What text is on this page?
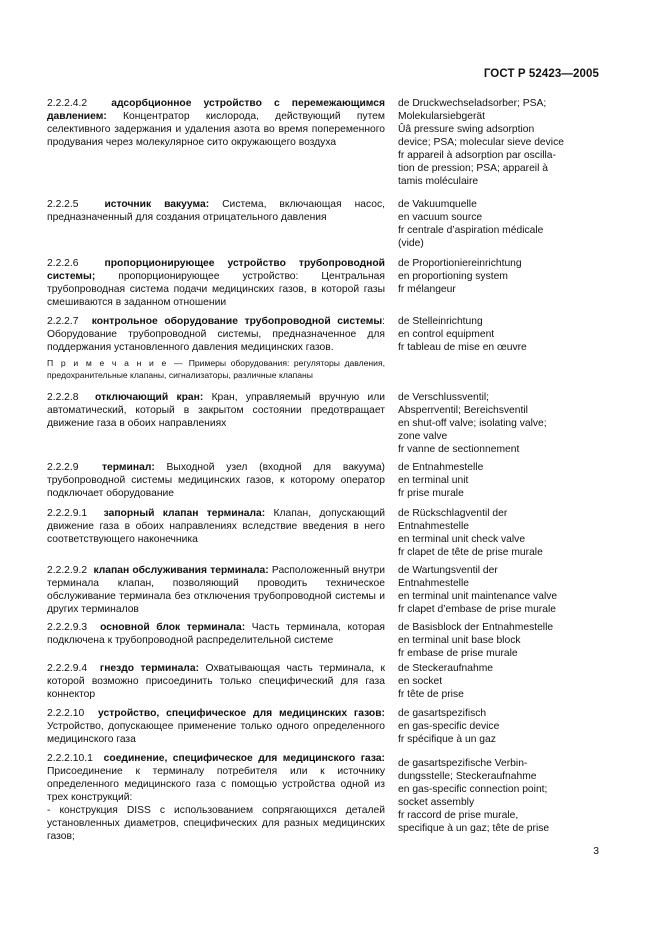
ГОСТ Р 52423—2005

2.2.2.4.2 адсорбционное устройство с перемежающимся давлением: Концентратор кислорода, действующий путем селективного задержания и удаления азота во время попеременного продувания через молекулярное сито окружающего воздуха

de Druckwechseladsorber; PSA;
Molekularsiebgerät
Ûâ pressure swing adsorption
device; PSA; molecular sieve device
fr appareil à adsorption par oscilla-
tion de pression; PSA; appareil à
tamis moléculaire

2.2.2.5	источник вакуума: Система, включающая насос, предназначенный для создания отрицательного давления

de Vakuumquelle
en vacuum source
fr centrale d’aspiration médicale
(vide)

2.2.2.6	пропорционирующее устройство трубопроводной системы; пропорционирующее устройство: Центральная трубопроводная система подачи медицинских газов, в которой газы смешиваются в заданном отношении

de Proportioniereinrichtung
en proportioning system
fr mélangeur

2.2.2.7 контрольное оборудование трубопроводной системы: Оборудование трубопроводной системы, предназначенное для поддержания установленного давления медицинских газов.

П р и м е ч а н и е — Примеры оборудования: регуляторы давления, предохранительные клапаны, сигнализаторы, различные клапаны

de Stelleinrichtung
en control equipment
fr tableau de mise en œuvre

2.2.2.8 отключающий кран: Кран, управляемый вручную или автоматический, который в закрытом состоянии предотвращает движение газа в обоих направлениях

de Verschlussventil;
Absperrventil; Bereichsventil
en shut-off valve; isolating valve;
zone valve
fr vanne de sectionnement

2.2.2.9 терминал: Выходной узел (входной для вакуума) трубопроводной системы медицинских газов, к которому оператор подключает оборудование

de Entnahmestelle
en terminal unit
fr prise murale

2.2.2.9.1 запорный клапан терминала: Клапан, допускающий движение газа в обоих направлениях вследствие введения в него соответствующего наконечника

de Rückschlagventil der
Entnahmestelle
en terminal unit check valve
fr clapet de tête de prise murale

2.2.2.9.2 клапан обслуживания терминала: Расположенный внутри терминала клапан, позволяющий проводить техническое обслуживание терминала без отключения трубопроводной системы и других терминалов

de Wartungsventil der
Entnahmestelle
en terminal unit maintenance valve
fr clapet d’embase de prise murale

2.2.2.9.3 основной блок терминала: Часть терминала, которая подключена к трубопроводной распределительной системе

de Basisblock der Entnahmestelle
en terminal unit base block
fr embase de prise murale

2.2.2.9.4 гнездо терминала: Охватывающая часть терминала, к которой возможно присоединить только специфический для газа коннектор

de Steckeraufnahme
en socket
fr tête de prise

2.2.2.10 устройство, специфическое для медицинских газов: Устройство, допускающее применение только одного определенного медицинского газа

de gasartspezifisch
en gas-specific device
fr spécifique à un gaz

2.2.2.10.1 соединение, специфическое для медицинского газа: Присоединение к терминалу потребителя или к источнику определенного медицинского газа с помощью устройства одной из трех конструкций:

- конструкция DISS с использованием сопрягающихся деталей установленных диаметров, специфических для разных медицинских газов;

de gasartspezifische Verbin-
dungsstelle; Steckeraufnahme
en gas-specific connection point;
socket assembly
fr raccord de prise murale,
specifique à un gaz; tête de prise
3
